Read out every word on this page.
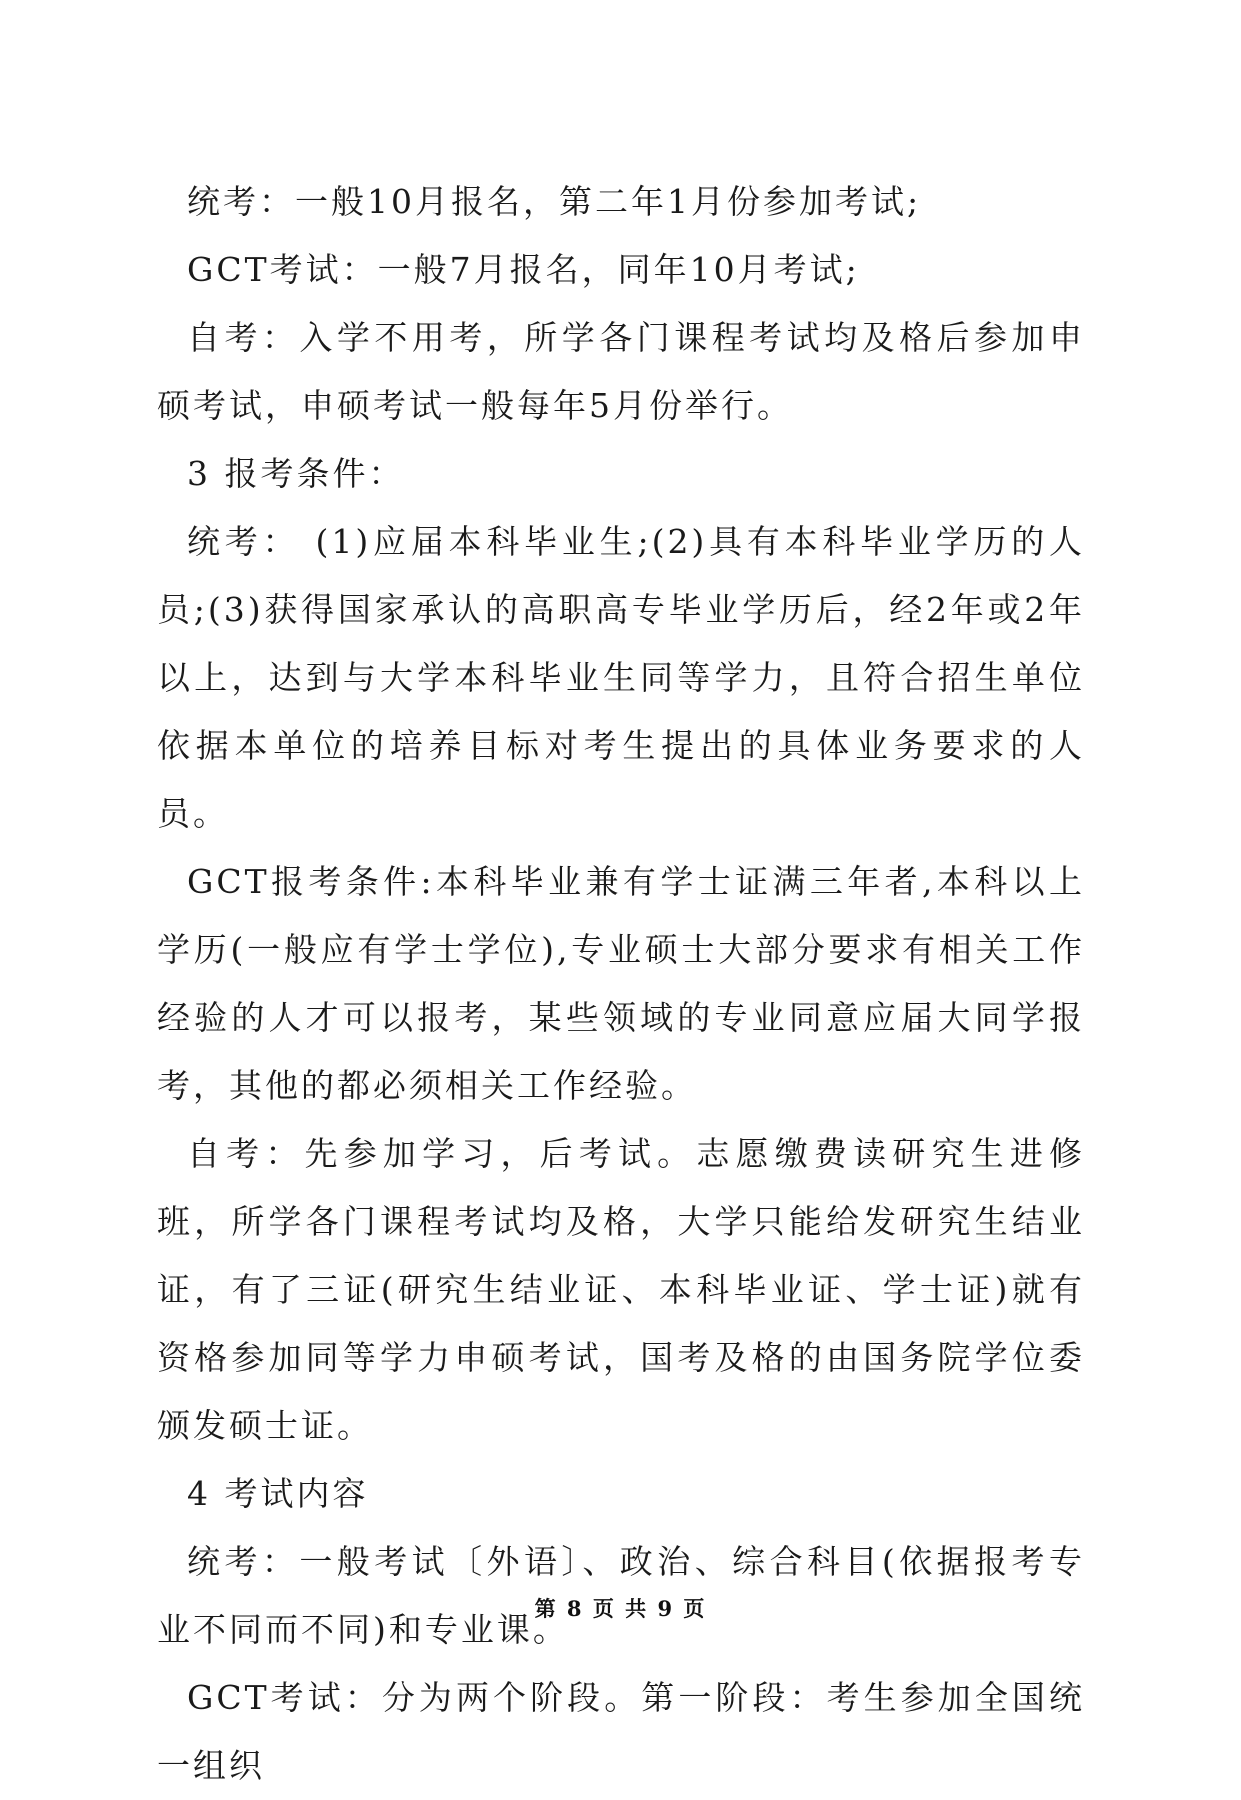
统考：一般10月报名，第二年1月份参加考试;

GCT考试：一般7月报名，同年10月考试;

自考：入学不用考，所学各门课程考试均及格后参加申硕考试，申硕考试一般每年5月份举行。

3 报考条件：

统考： (1)应届本科毕业生;(2)具有本科毕业学历的人员;(3)获得国家承认的高职高专毕业学历后，经2年或2年以上，达到与大学本科毕业生同等学力，且符合招生单位依据本单位的培养目标对考生提出的具体业务要求的人员。

GCT报考条件:本科毕业兼有学士证满三年者,本科以上学历(一般应有学士学位),专业硕士大部分要求有相关工作经验的人才可以报考，某些领域的专业同意应届大同学报考，其他的都必须相关工作经验。

自考：先参加学习，后考试。志愿缴费读研究生进修班，所学各门课程考试均及格，大学只能给发研究生结业证，有了三证(研究生结业证、本科毕业证、学士证)就有资格参加同等学力申硕考试，国考及格的由国务院学位委颁发硕士证。

4 考试内容

统考：一般考试〔外语〕、政治、综合科目(依据报考专业不同而不同)和专业课。

GCT考试：分为两个阶段。第一阶段：考生参加全国统一组织

第 8 页 共 9 页
